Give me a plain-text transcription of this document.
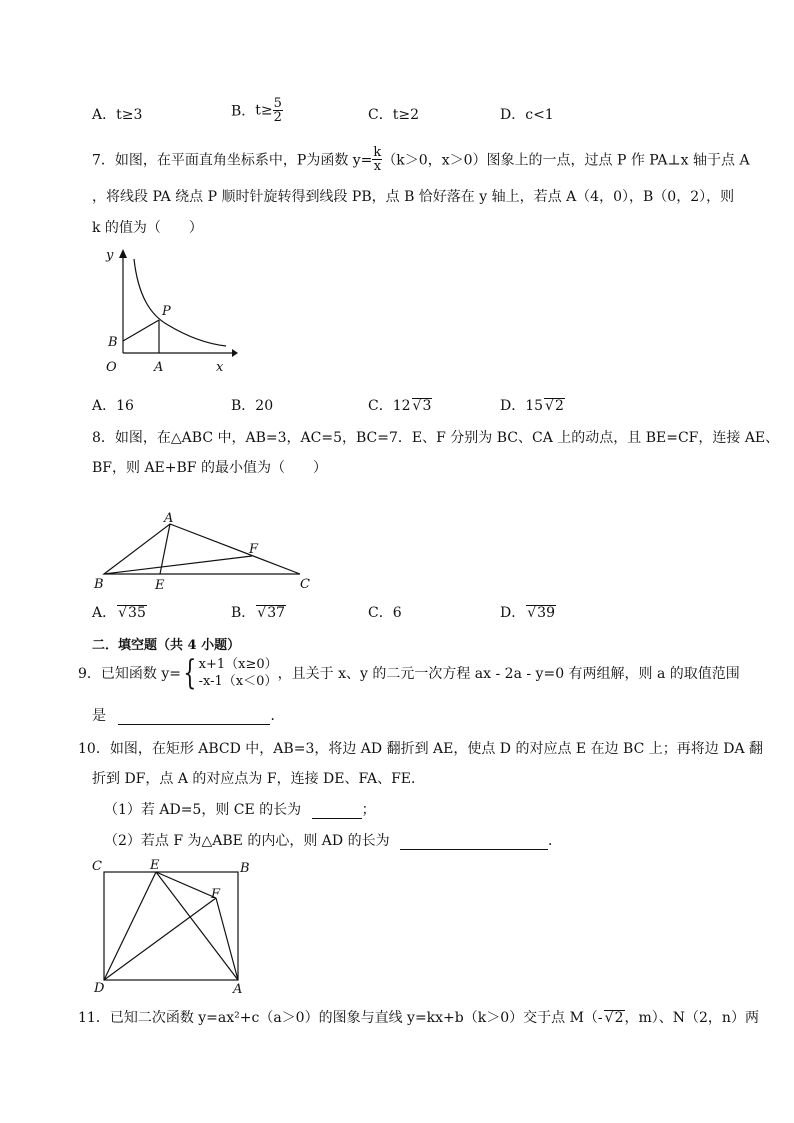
A．t≥3	B．$t\ge \frac{5}{2}$	C．t≥2	D．c<1
7．如图，在平面直角坐标系中，P为函数 $y= \frac{k}{x} (k>0$，x＞0）图象上的一点，过点 P 作 PA⊥x 轴于点 A
，将线段 PA 绕点 P 顺时针旋转得到线段 PB，点 B 恰好落在 y 轴上，若点 A（4，0），B（0，2），则
k 的值为（　　）
y
x
O	A
B
P
A．16	B．20	C．12 √3	D．15 √2
8．如图，在△ABC 中，AB=3，AC=5，BC=7．E、F 分别为 BC、CA 上的动点，且 BE=CF，连接 AE、
BF，则 AE+BF 的最小值为（　　）
A
B	C
E
F
A． √35	B． √37	C．6	D． √39
二．填空题（共 4 小题）
9．已知函数 y={ x+1（x≥0）
-x-1（x＜0） ，且关于 x、y 的二元一次方程 ax - 2a - y=0 有两组解，则 a 的取值范围
是	．
10．如图，在矩形 ABCD 中，AB=3，将边 AD 翻折到 AE，使点 D 的对应点 E 在边 BC 上；再将边 DA 翻
折到 DF，点 A 的对应点为 F，连接 DE、FA、FE．
（1）若 AD=5，则 CE 的长为	；
（2）若点 F 为△ABE 的内心，则 AD 的长为	．
C	E	B
F
D	A
11．已知二次函数 y=ax²+c（a＞0）的图象与直线 y=kx+b（k＞0）交于点 M（- √2，m）、N（2，n）两
